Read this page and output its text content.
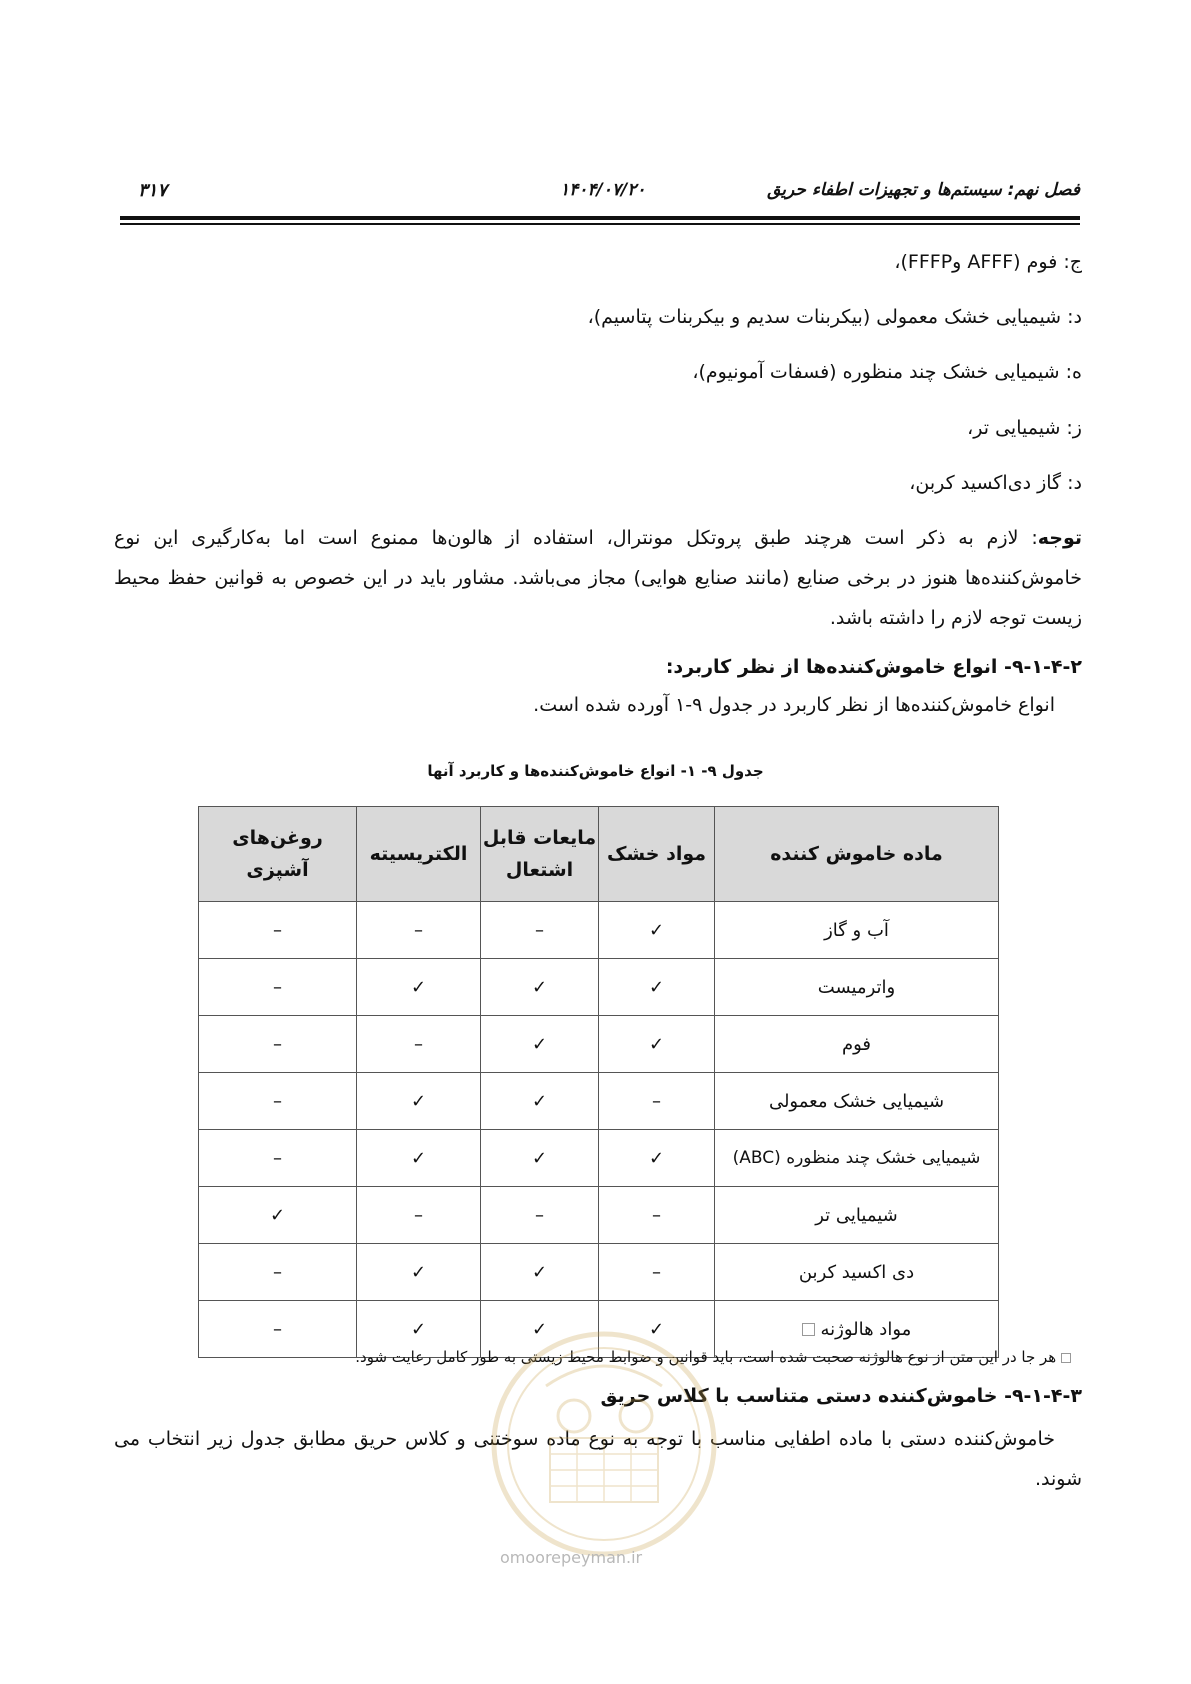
فصل نهم: سیستم‌ها و تجهیزات اطفاء حریق
۱۴۰۴/۰۷/۲۰
۳۱۷
ج: فوم (AFFF وFFFP)،
د: شیمیایی خشک معمولی (بیکربنات سدیم و بیکربنات پتاسیم)،
ه: شیمیایی خشک چند منظوره (فسفات آمونیوم)،
ز: شیمیایی تر،
د: گاز دی‌اکسید کربن،
توجه: لازم به ذکر است هرچند طبق پروتکل مونترال، استفاده از هالون‌ها ممنوع است اما به‌کارگیری این نوع خاموش‌کننده‌ها هنوز در برخی صنایع (مانند صنایع هوایی) مجاز می‌باشد. مشاور باید در این خصوص به قوانین حفظ محیط زیست توجه لازم را داشته باشد.
۹-۱-۴-۲- انواع خاموش‌کننده‌ها از نظر کاربرد:
انواع خاموش‌کننده‌ها از نظر کاربرد در جدول ۹-۱ آورده شده است.
جدول ۹- ۱- انواع خاموش‌کننده‌ها و کاربرد آنها
ماده خاموش کننده	مواد خشک	مایعات قابل اشتعال	الکتریسیته	روغن‌های آشپزی
آب و گاز	✓	–	–	–
واترمیست	✓	✓	✓	–
فوم	✓	✓	–	–
شیمیایی خشک معمولی	–	✓	✓	–
شیمیایی خشک چند منظوره (ABC)	✓	✓	✓	–
شیمیایی تر	–	–	–	✓
دی اکسید کربن	–	✓	✓	–
مواد هالوژنه	✓	✓	✓	–
هر جا در این متن از نوع هالوژنه صحبت شده است، باید قوانین و ضوابط محیط زیستی به طور کامل رعایت شود.
۹-۱-۴-۳- خاموش‌کننده دستی متناسب با کلاس حریق
خاموش‌کننده دستی با ماده اطفایی مناسب با توجه به نوع ماده سوختنی و کلاس حریق مطابق جدول زیر انتخاب می شوند.
omoorepeyman.ir
